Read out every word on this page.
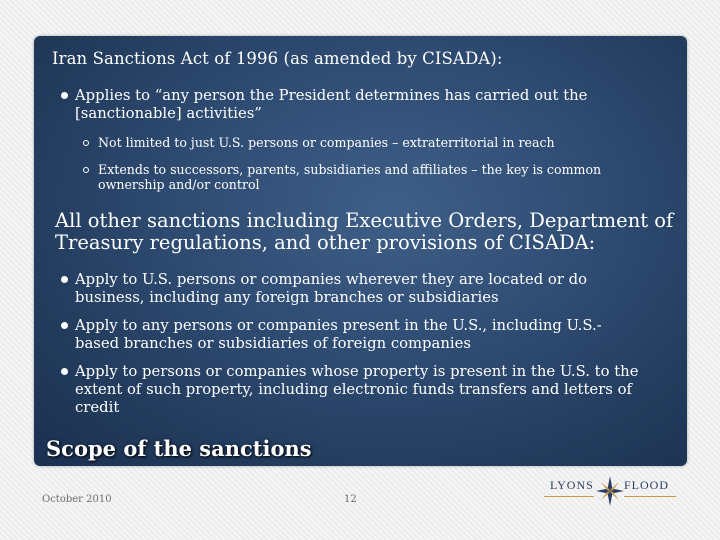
Iran Sanctions Act of 1996 (as amended by CISADA):
Applies to “any person the President determines has carried out the
[sanctionable] activities”
Not limited to just U.S. persons or companies – extraterritorial in reach
Extends to successors, parents, subsidiaries and affiliates – the key is common
ownership and/or control
All other sanctions including Executive Orders, Department of
Treasury regulations, and other provisions of CISADA:
Apply to U.S. persons or companies wherever they are located or do
business, including any foreign branches or subsidiaries
Apply to any persons or companies present in the U.S., including U.S.-
based branches or subsidiaries of foreign companies
Apply to persons or companies whose property is present in the U.S. to the
extent of such property, including electronic funds transfers and letters of
credit
Scope of the sanctions
October 2010	12
LYONS	FLOOD
